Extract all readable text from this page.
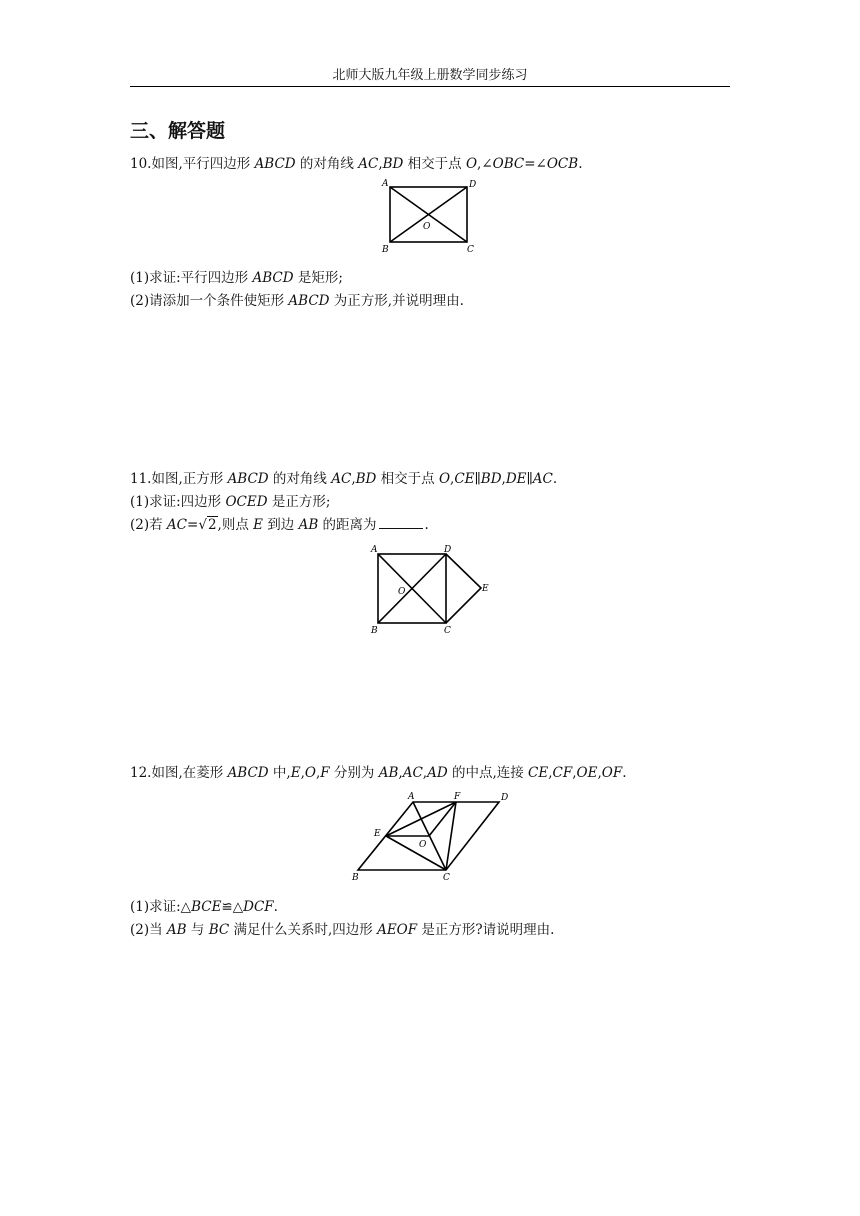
北师大版九年级上册数学同步练习
三、解答题
10.如图,平行四边形 ABCD 的对角线 AC,BD 相交于点 O,∠OBC=∠OCB.
A	D
B	C
O
(1)求证:平行四边形 ABCD 是矩形;
(2)请添加一个条件使矩形 ABCD 为正方形,并说明理由.
11.如图,正方形 ABCD 的对角线 AC,BD 相交于点 O,CE∥BD,DE∥AC.
(1)求证:四边形 OCED 是正方形;
(2)若 AC=√2,则点 E 到边 AB 的距离为	.
A	D
B	C
O	E
12.如图,在菱形 ABCD 中,E,O,F 分别为 AB,AC,AD 的中点,连接 CE,CF,OE,OF.
A	F	D
E
O
B	C
(1)求证:△BCE≌△DCF.
(2)当 AB 与 BC 满足什么关系时,四边形 AEOF 是正方形?请说明理由.
